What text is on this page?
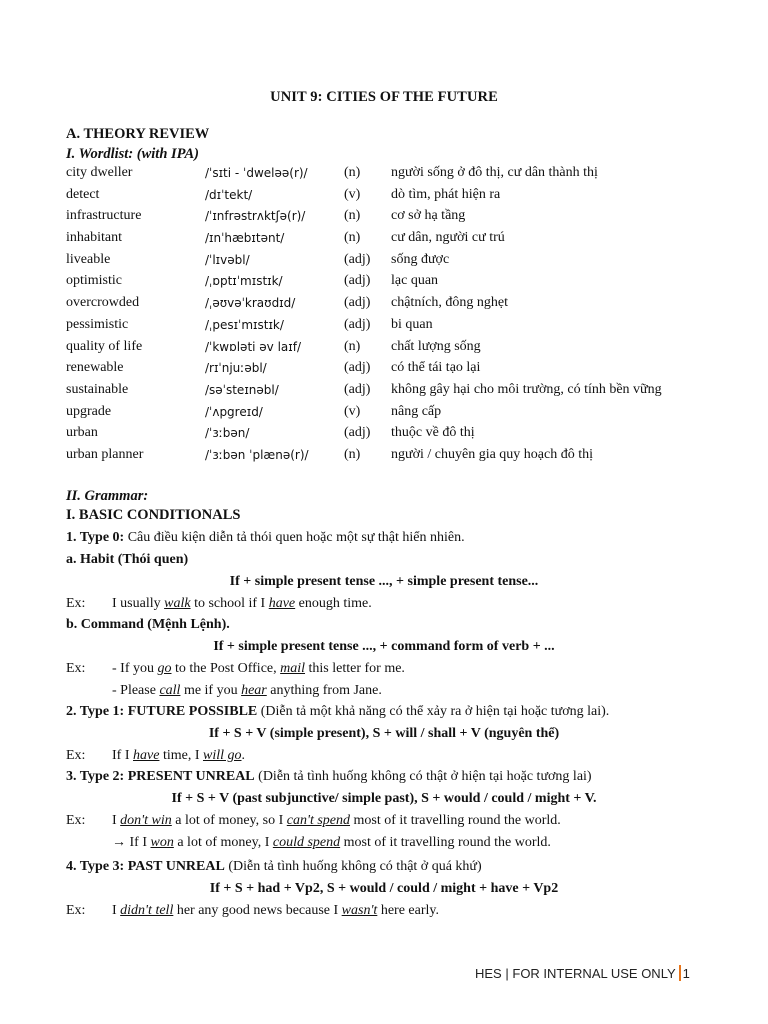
UNIT 9: CITIES OF THE FUTURE
A. THEORY REVIEW
I. Wordlist: (with IPA)
city dweller	/ˈsɪti - ˈdweləə(r)/	(n) người sống ở đô thị, cư dân thành thị
detect	/dɪˈtekt/	(v) dò tìm, phát hiện ra
infrastructure	/ˈɪnfrəstrʌktʃə(r)/	(n) cơ sở hạ tầng
inhabitant	/ɪnˈhæbɪtənt/	(n) cư dân, người cư trú
liveable	/ˈlɪvəbl/	(adj) sống được
optimistic	/ˌɒptɪˈmɪstɪk/	(adj) lạc quan
overcrowded	/ˌəʊvəˈkraʊdɪd/	(adj) chậtních, đông nghẹt
pessimistic	/ˌpesɪˈmɪstɪk/	(adj) bi quan
quality of life	/ˈkwɒləti əv laɪf/	(n) chất lượng sống
renewable	/rɪˈnjuːəbl/	(adj) có thể tái tạo lại
sustainable	/səˈsteɪnəbl/	(adj) không gây hại cho môi trường, có tính bền vững
upgrade	/ˈʌpgreɪd/	(v) nâng cấp
urban	/ˈɜːbən/	(adj) thuộc về đô thị
urban planner	/ˈɜːbən ˈplænə(r)/	(n) người / chuyên gia quy hoạch đô thị
II. Grammar:
I. BASIC CONDITIONALS
1. Type 0: Câu điều kiện diễn tả thói quen hoặc một sự thật hiển nhiên.
a. Habit (Thói quen)
If + simple present tense ..., + simple present tense...
Ex: I usually walk to school if I have enough time.
b. Command (Mệnh Lệnh).
If + simple present tense ..., + command form of verb + ...
Ex: - If you go to the Post Office, mail this letter for me.
- Please call me if you hear anything from Jane.
2. Type 1: FUTURE POSSIBLE (Diễn tả một khả năng có thể xảy ra ở hiện tại hoặc tương lai).
If + S + V (simple present), S + will / shall + V (nguyên thể)
Ex: If I have time, I will go.
3. Type 2: PRESENT UNREAL (Diễn tả tình huống không có thật ở hiện tại hoặc tương lai)
If + S + V (past subjunctive/ simple past), S + would / could / might + V.
Ex: I don't win a lot of money, so I can't spend most of it travelling round the world.
→ If I won a lot of money, I could spend most of it travelling round the world.
4. Type 3: PAST UNREAL (Diễn tả tình huống không có thật ở quá khứ)
If + S + had + Vp2, S + would / could / might + have + Vp2
Ex: I didn't tell her any good news because I wasn't here early.
HES | FOR INTERNAL USE ONLY 1
